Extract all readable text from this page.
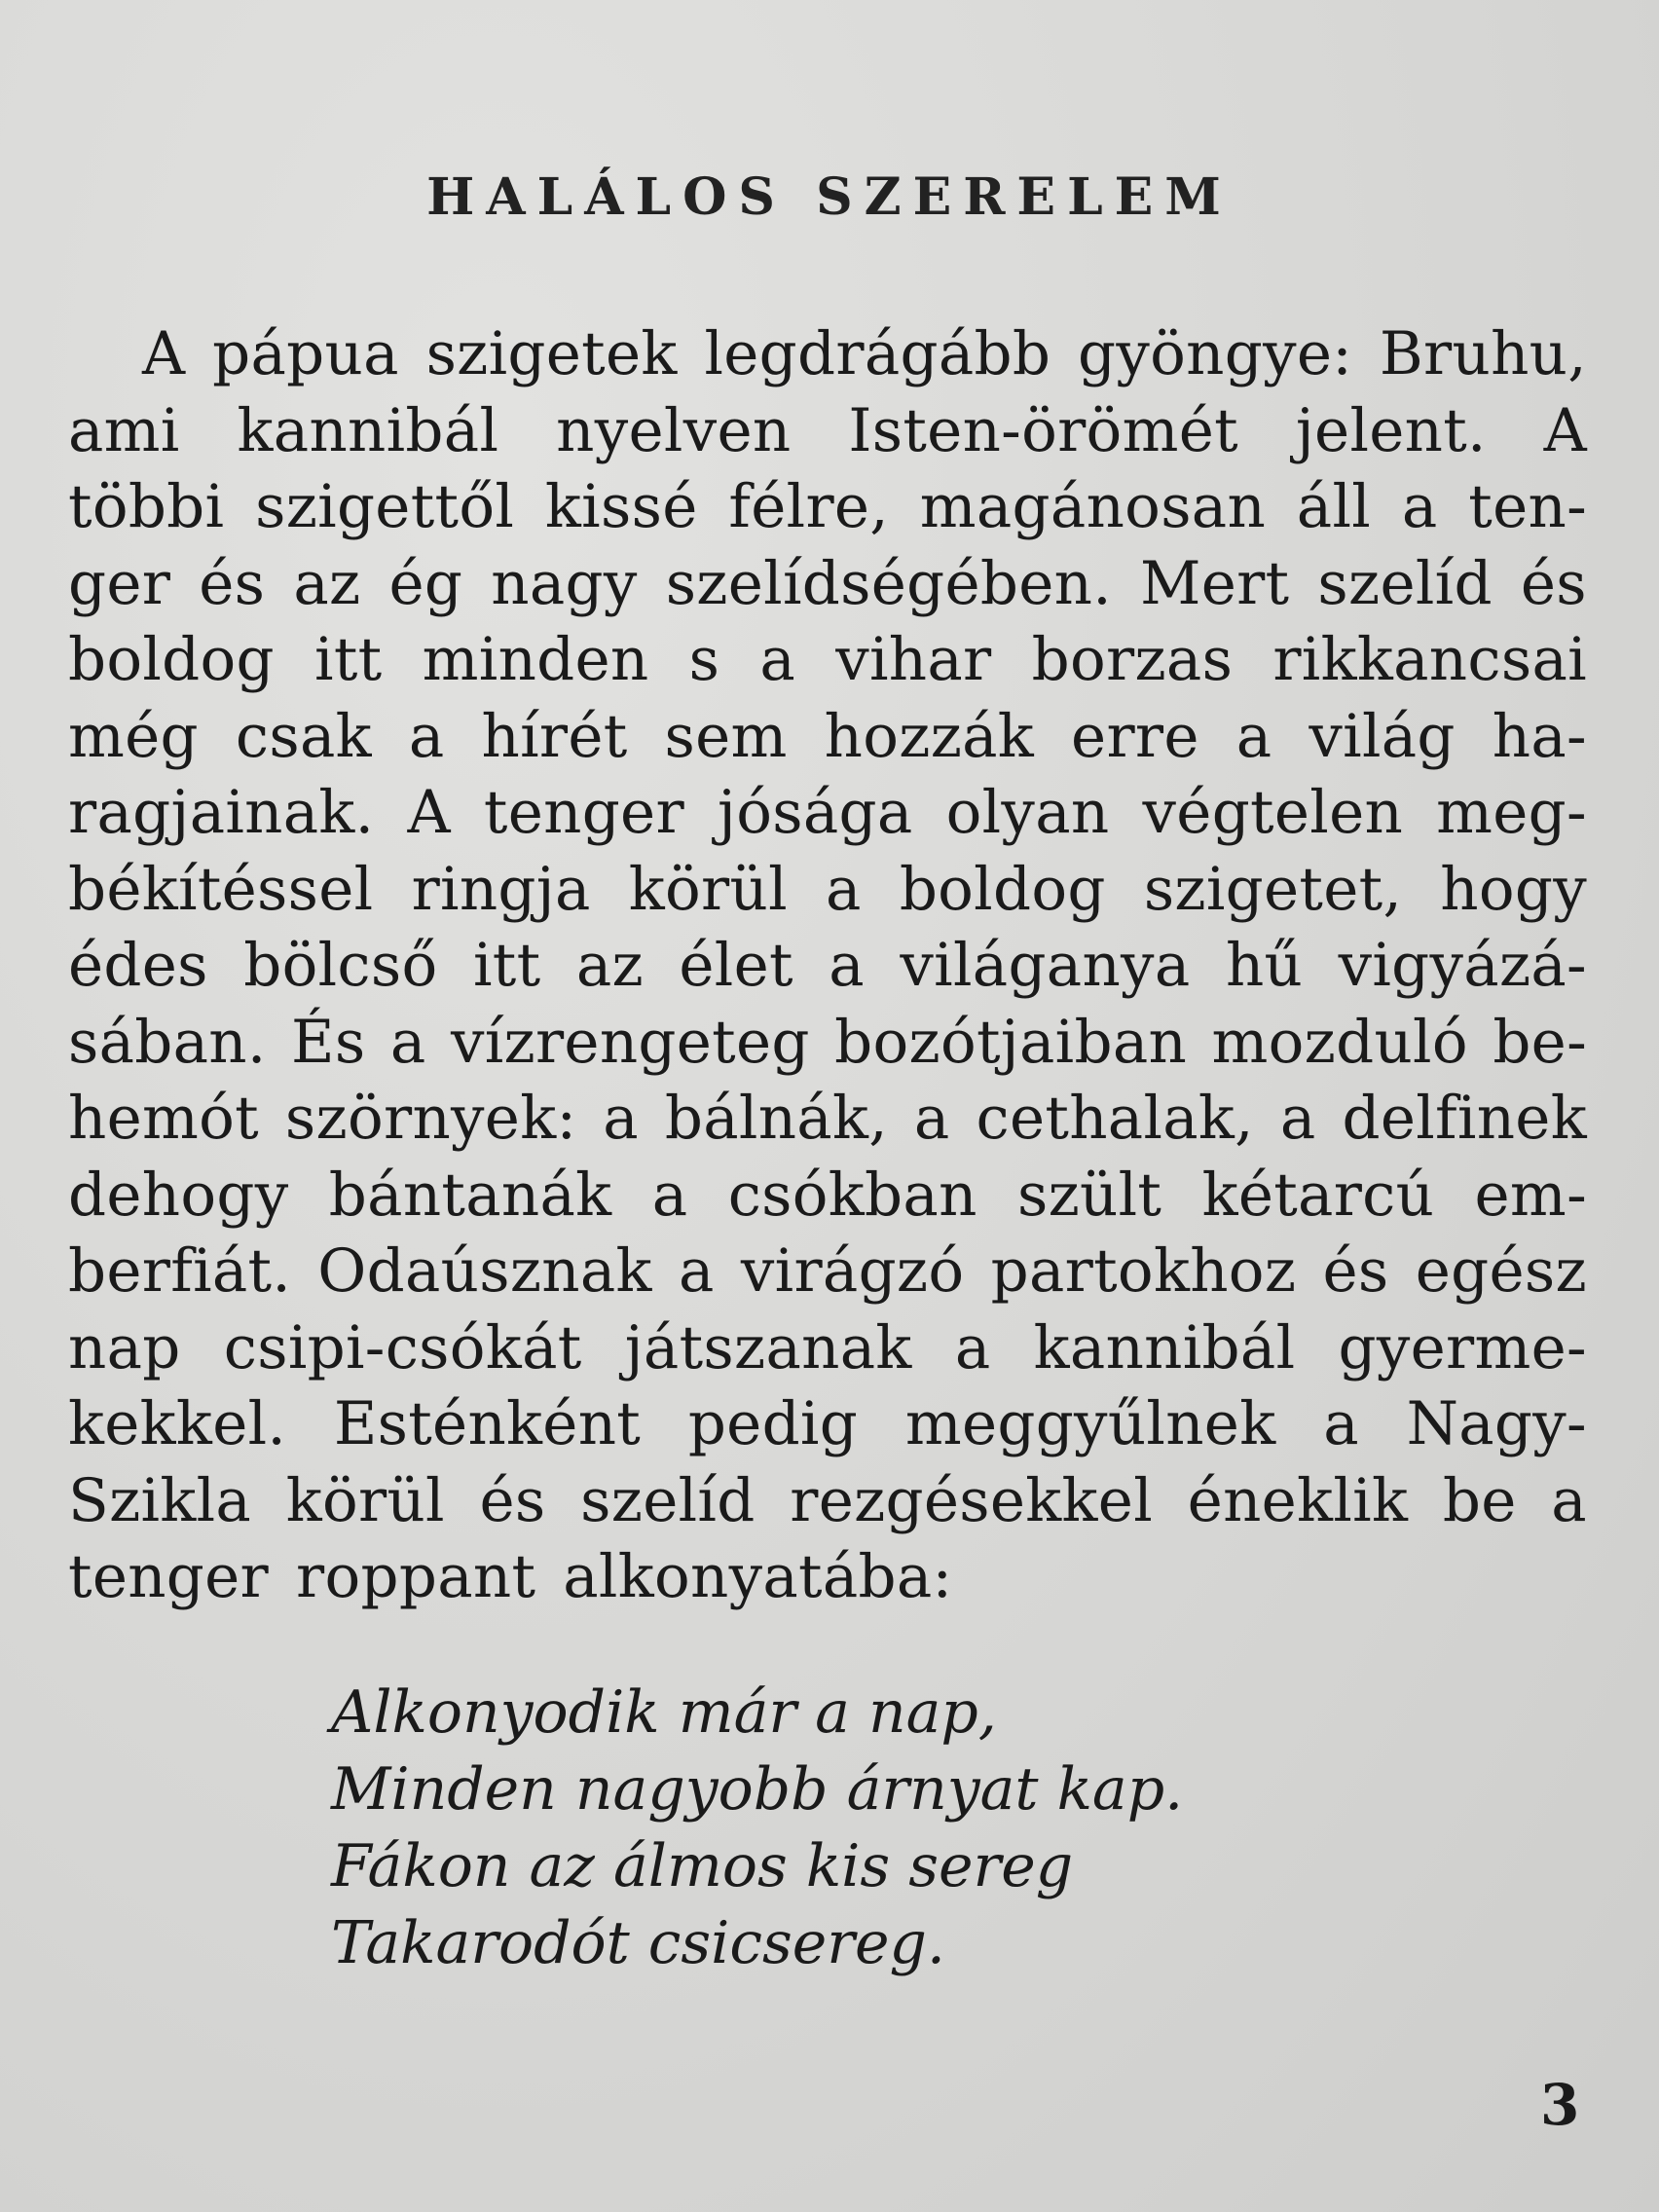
HALÁLOS SZERELEM
A pápua szigetek legdrágább gyöngye: Bruhu,
ami kannibál nyelven Isten-örömét jelent. A
többi szigettől kissé félre, magánosan áll a ten-
ger és az ég nagy szelídségében. Mert szelíd és
boldog itt minden s a vihar borzas rikkancsai
még csak a hírét sem hozzák erre a világ ha-
ragjainak. A tenger jósága olyan végtelen meg-
békítéssel ringja körül a boldog szigetet, hogy
édes bölcső itt az élet a világanya hű vigyázá-
sában. És a vízrengeteg bozótjaiban mozduló be-
hemót szörnyek: a bálnák, a cethalak, a delfinek
dehogy bántanák a csókban szült kétarcú em-
berfiát. Odaúsznak a virágzó partokhoz és egész
nap csipi-csókát játszanak a kannibál gyerme-
kekkel. Esténként pedig meggyűlnek a Nagy-
Szikla körül és szelíd rezgésekkel éneklik be a
tenger roppant alkonyatába:
Alkonyodik már a nap,
Minden nagyobb árnyat kap.
Fákon az álmos kis sereg
Takarodót csicsereg.
3
